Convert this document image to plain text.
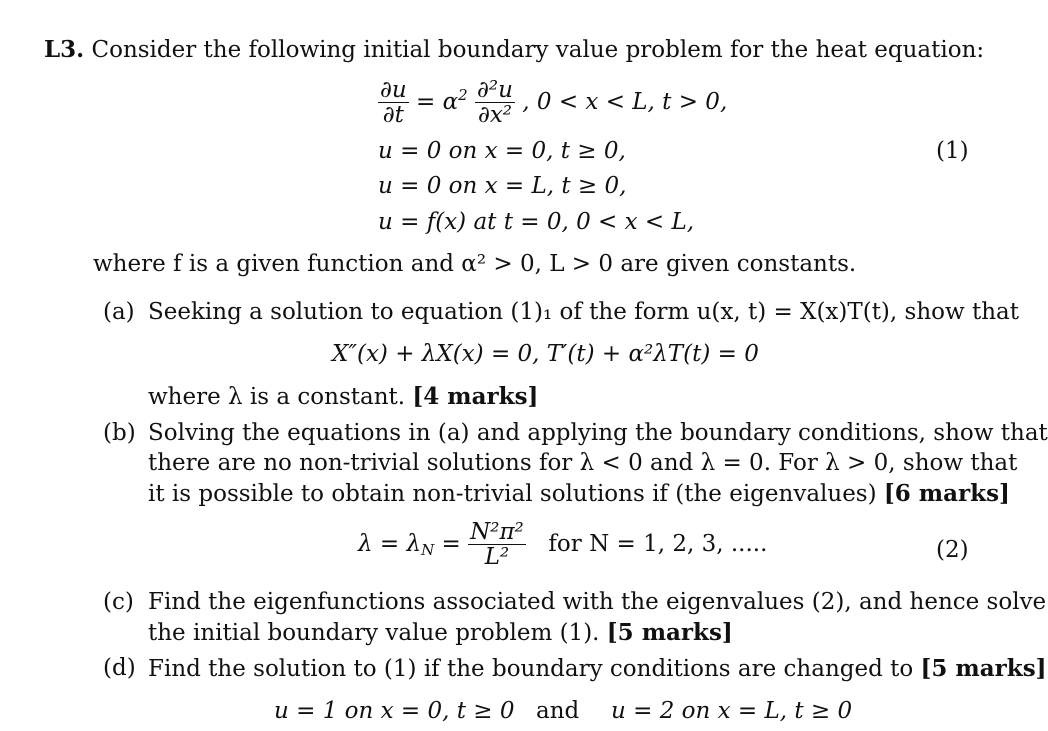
L3. Consider the following initial boundary value problem for the heat equation:
$\frac{\partial u}{\partial t} = \alpha^2 \frac{\text{∂²u}}{\text{∂x²}}$ , 0 < x < L, t > 0,
u = 0 on x = 0, t ≥ 0,	(1)
u = 0 on x = L, t ≥ 0,
u = f(x) at t = 0, 0 < x < L,
where f is a given function and α² > 0, L > 0 are given constants.
(a) Seeking a solution to equation (1)₁ of the form u(x, t) = X(x)T(t), show that
X″(x) + λX(x) = 0, T′(t) + α²λT(t) = 0
where λ is a constant. [4 marks]
(b) Solving the equations in (a) and applying the boundary conditions, show that
there are no non-trivial solutions for λ < 0 and λ = 0. For λ > 0, show that
it is possible to obtain non-trivial solutions if (the eigenvalues) [6 marks]
$\lambda = \lambda_N = \frac{\text{N²π²}}{\text{L²}}$ for N = 1, 2, 3, .....	(2)
(c) Find the eigenfunctions associated with the eigenvalues (2), and hence solve
the initial boundary value problem (1). [5 marks]
(d) Find the solution to (1) if the boundary conditions are changed to [5 marks]
u = 1 on x = 0, t ≥ 0 and u = 2 on x = L, t ≥ 0
